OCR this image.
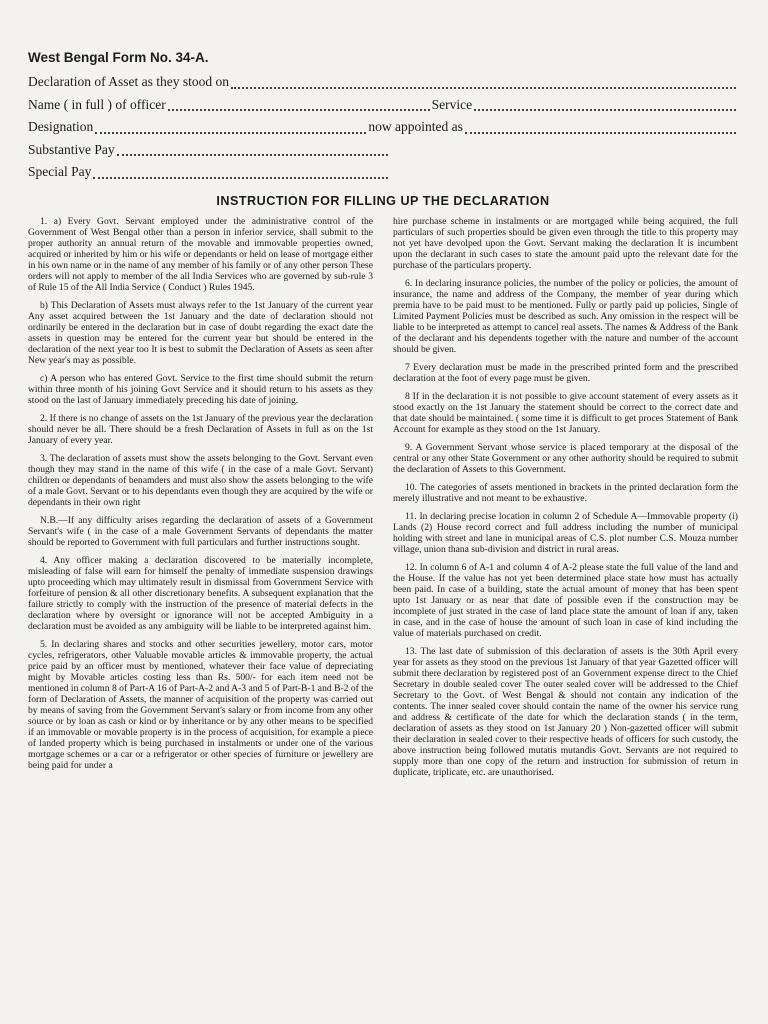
West Bengal Form No. 34-A.
Declaration of Asset as they stood on
Name ( in full ) of officer	Service
Designation	now appointed as
Substantive Pay
Special Pay
INSTRUCTION FOR FILLING UP THE DECLARATION

1. a) Every Govt. Servant employed under the administrative control of the Government of West Bengal other than a person in inferior service, shall submit to the proper authority an annual return of the movable and immovable properties owned, acquired or inherited by him or his wife or dependants or held on lease of mortgage either in his own name or in the name of any member of his family or of any other person These orders will not apply to member of the all India Services who are governed by sub-rule 3 of Rule 15 of the All India Service ( Conduct ) Rules 1945.

b) This Declaration of Assets must always refer to the 1st January of the current year Any asset acquired between the 1st January and the date of declaration should not ordinarily be entered in the declaration but in case of doubt regarding the exact date the assets in question may be entered for the current year but should be entered in the declaration of the next year too It is best to submit the Declaration of Assets as seen after New year's may as possible.

c) A person who has entered Govt. Service to the first time should submit the return within three month of his joining Govt Service and it should return to his assets as they stood on the last of January immediately preceding his date of joining.

2. If there is no change of assets on the 1st January of the previous year the declaration should never be all. There should be a fresh Declaration of Assets in full as on the 1st January of every year.

3. The declaration of assets must show the assets belonging to the Govt. Servant even though they may stand in the name of this wife ( in the case of a male Govt. Servant) children or dependants of benamders and must also show the assets belonging to the wife of a male Govt. Servant or to his dependants even though they are acquired by the wife or dependants in their own right

N.B.—If any difficulty arises regarding the declaration of assets of a Government Servant's wife ( in the case of a male Government Servants of dependants the matter should be reported to Government with full particulars and further instructions sought.

4. Any officer making a declaration discovered to be materially incomplete, misleading of false will earn for himself the penalty of immediate suspension drawings upto proceeding which may ultimately result in dismissal from Government Service with forfeiture of pension & all other discretionary benefits. A subsequent explanation that the failure strictly to comply with the instruction of the presence of material defects in the declaration where by oversight or ignorance will not be accepted Ambiguity in a declaration must be avoided as any ambiguity will be liable to be interpreted against him.

5. In declaring shares and stocks and other securities jewellery, motor cars, motor cycles, refrigerators, other Valuable movable articles & immovable property, the actual price paid by an officer must by mentioned, whatever their face value of depreciating might by Movable articles costing less than Rs. 500/- for each item need not be mentioned in column 8 of Part-A 16 of Part-A-2 and A-3 and 5 of Part-B-1 and B-2 of the form of Declaration of Assets, the manner of acquisition of the property was carried out by means of saving from the Government Servant's salary or from income from any other source or by loan as cash or kind or by inheritance or by any other means to be specified if an immovable or movable property is in the process of acquisition, for example a piece of landed property which is being purchased in instalments or under one of the various mortgage schemes or a car or a refrigerator or other species of furniture or jewellery are being paid for under a

hire purchase scheme in instalments or are mortgaged while being acquired, the full particulars of such properties should be given even through the title to this property may not yet have devolped upon the Govt. Servant making the declaration It is incumbent upon the declarant in such cases to state the amount paid upto the relevant date for the purchase of the particulars property.

6. In declaring insurance policies, the number of the policy or policies, the amount of insurance, the name and address of the Company, the member of year during which premia have to be paid must to be mentioned. Fully or partly paid up policies, Single of Limited Payment Policies must be described as such. Any omission in the respect will be liable to be interpreted as attempt to cancel real assets. The names & Address of the Bank of the declarant and his dependents together with the nature and number of the account should be given.

7 Every declaration must be made in the prescribed printed form and the prescribed declaration at the foot of every page must be given.

8 If in the declaration it is not possible to give account statement of every assets as it stood exactly on the 1st January the statement should be correct to the correct date and that date should be maintained. ( some time it is difficult to get proces Statement of Bank Account for example as they stood on the 1st January.

9. A Government Servant whose service is placed temporary at the disposal of the central or any other State Government or any other authority should be required to submit the declaration of Assets to this Government.

10. The categories of assets mentioned in brackets in the printed declaration form the merely illustrative and not meant to be exhaustive.

11. In declaring precise location in column 2 of Schedule A—Immovable property (i) Lands (2) House record correct and full address including the number of municipal holding with street and lane in municipal areas of C.S. plot number C.S. Mouza number village, union thana sub-division and district in rural areas.

12. In column 6 of A-1 and column 4 of A-2 please state the full value of the land and the House. If the value has not yet been determined place state how must has actually been paid. In case of a building, state the actual amount of money that has been spent upto 1st January or as near that date of possible even if the construction may be incomplete of just strated in the case of land place state the amount of loan if any, taken in case, and in the case of house the amount of such loan in case of kind including the value of materials purchased on credit.

13. The last date of submission of this declaration of assets is the 30th April every year for assets as they stood on the previous 1st January of that year Gazetted officer will submit there declaration by registered post of an Government expense direct to the Chief Secretary in double sealed cover The outer sealed cover will be addressed to the Chief Secretary to the Govt. of West Bengal & should not contain any indication of the contents. The inner sealed cover should contain the name of the owner his service rung and address & certificate of the date for which the declaration stands ( in the term, declaration of assets as they stood on 1st January 20 ) Non-gazetted officer will submit their declaration in sealed cover to their respective heads of officers for such custody, the above instruction being followed mutatis mutandis Govt. Servants are not required to supply more than one copy of the return and instruction for submission of return in duplicate, triplicate, etc. are unauthorised.
